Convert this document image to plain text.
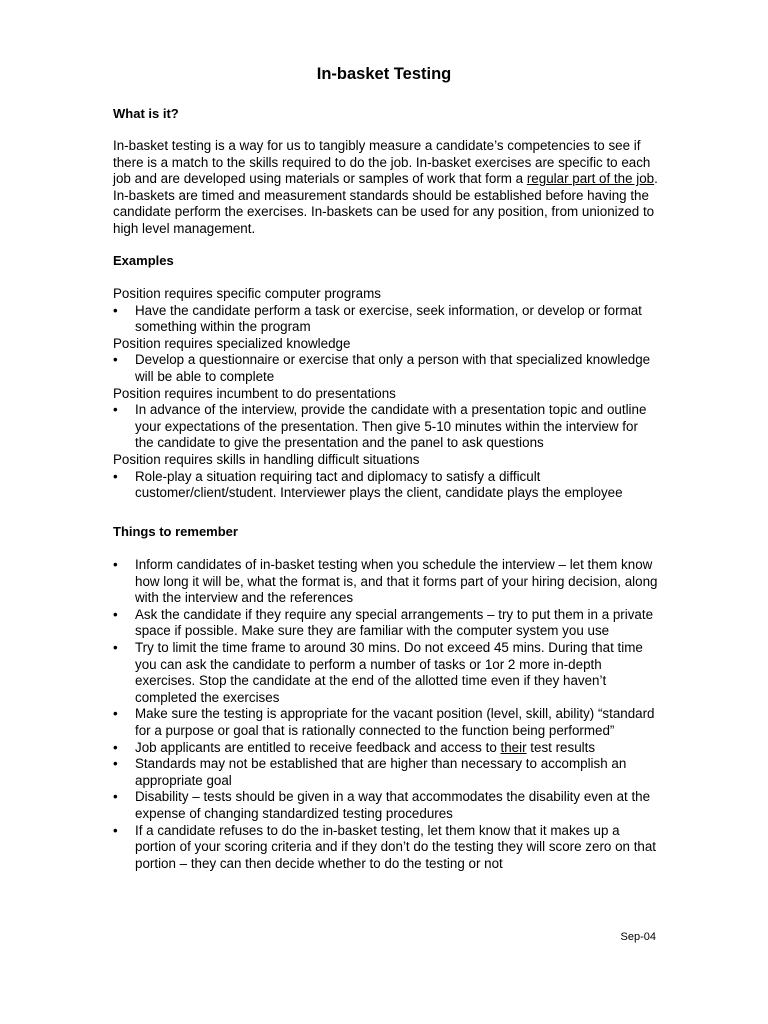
In-basket Testing
What is it?
In-basket testing is a way for us to tangibly measure a candidate’s competencies to see if there is a match to the skills required to do the job. In-basket exercises are specific to each job and are developed using materials or samples of work that form a regular part of the job. In-baskets are timed and measurement standards should be established before having the candidate perform the exercises. In-baskets can be used for any position, from unionized to high level management.
Examples
Position requires specific computer programs
•	Have the candidate perform a task or exercise, seek information, or develop or format something within the program
Position requires specialized knowledge
•	Develop a questionnaire or exercise that only a person with that specialized knowledge will be able to complete
Position requires incumbent to do presentations
•	In advance of the interview, provide the candidate with a presentation topic and outline your expectations of the presentation. Then give 5-10 minutes within the interview for the candidate to give the presentation and the panel to ask questions
Position requires skills in handling difficult situations
•	Role-play a situation requiring tact and diplomacy to satisfy a difficult customer/client/student. Interviewer plays the client, candidate plays the employee
Things to remember
•	Inform candidates of in-basket testing when you schedule the interview – let them know how long it will be, what the format is, and that it forms part of your hiring decision, along with the interview and the references
•	Ask the candidate if they require any special arrangements – try to put them in a private space if possible. Make sure they are familiar with the computer system you use
•	Try to limit the time frame to around 30 mins. Do not exceed 45 mins. During that time you can ask the candidate to perform a number of tasks or 1or 2 more in-depth exercises. Stop the candidate at the end of the allotted time even if they haven’t completed the exercises
•	Make sure the testing is appropriate for the vacant position (level, skill, ability) “standard for a purpose or goal that is rationally connected to the function being performed”
•	Job applicants are entitled to receive feedback and access to their test results
•	Standards may not be established that are higher than necessary to accomplish an appropriate goal
•	Disability – tests should be given in a way that accommodates the disability even at the expense of changing standardized testing procedures
•	If a candidate refuses to do the in-basket testing, let them know that it makes up a portion of your scoring criteria and if they don’t do the testing they will score zero on that portion – they can then decide whether to do the testing or not
Sep-04
